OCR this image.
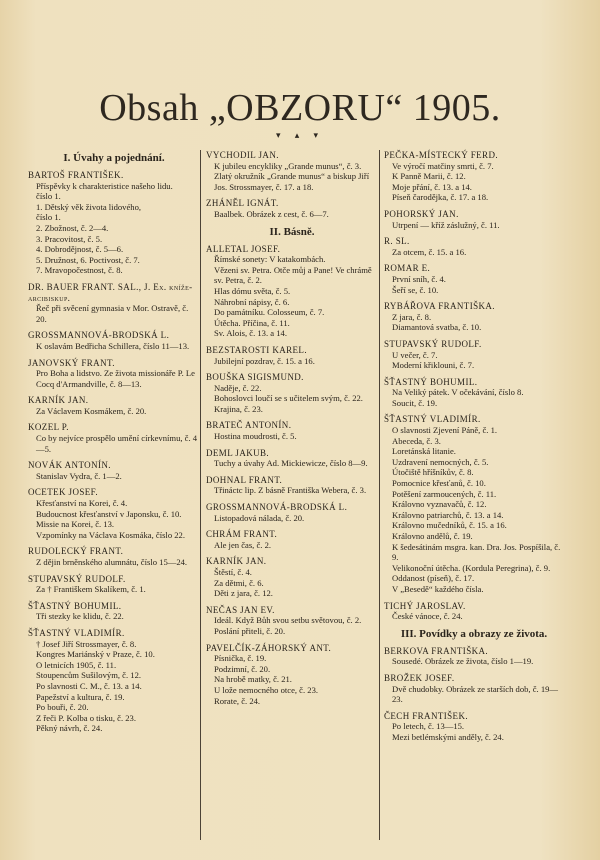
Obsah „OBZORU“ 1905.
▾ ▴ ▾
I. Úvahy a pojednání.
BARTOŠ FRANTIŠEK.
Příspěvky k charakteristice našeho lidu.
číslo 1.
1. Dětský věk života lidového,
číslo 1.
2. Zbožnost, č. 2—4.
3. Pracovitost, č. 5.
4. Dobrodějnost, č. 5—6.
5. Družnost, 6. Poctivost, č. 7.
7. Mravopočestnost, č. 8.
DR. BAUER FRANT. SAL., J. Ex. kníže-arcibiskup.
Řeč při svěcení gymnasia v Mor. Ostravě, č. 20.
GROSSMANNOVÁ-BRODSKÁ L.
K oslavám Bedřicha Schillera, číslo 11—13.
JANOVSKÝ FRANT.
Pro Boha a lidstvo. Ze života missionáře P. Le Cocq d'Armandville, č. 8—13.
KARNÍK JAN.
Za Václavem Kosmákem, č. 20.
KOZEL P.
Co by nejvíce prospělo umění církevnímu, č. 4—5.
NOVÁK ANTONÍN.
Stanislav Vydra, č. 1—2.
OCETEK JOSEF.
Křesťanství na Korei, č. 4.
Budoucnost křesťanství v Japonsku, č. 10.
Missie na Korei, č. 13.
Vzpomínky na Václava Kosmáka, číslo 22.
RUDOLECKÝ FRANT.
Z dějin brněnského alumnátu, číslo 15—24.
STUPAVSKÝ RUDOLF.
Za † Františkem Skalíkem, č. 1.
ŠŤASTNÝ BOHUMIL.
Tři stezky ke klidu, č. 22.
ŠŤASTNÝ VLADIMÍR.
† Josef Jiří Strossmayer, č. 8.
Kongres Mariánský v Praze, č. 10.
O letnicích 1905, č. 11.
Stoupencům Sušilovým, č. 12.
Po slavnosti C. M., č. 13. a 14.
Papežství a kultura, č. 19.
Po bouři, č. 20.
Z řeči P. Kolba o tisku, č. 23.
Pěkný návrh, č. 24.
VYCHODIL JAN.
K jubileu encykliky „Grande munus“, č. 3.
Zlatý okružník „Grande munus“ a biskup Jiří Jos. Strossmayer, č. 17. a 18.
ZHÁNĚL IGNÁT.
Baalbek. Obrázek z cest, č. 6—7.
II. Básně.
ALLETAL JOSEF.
Římské sonety: V katakombách.
Vězeni sv. Petra. Otče můj a Pane! Ve chrámě sv. Petra, č. 2.
Hlas dómu světa, č. 5.
Náhrobní nápisy, č. 6.
Do památníku. Colosseum, č. 7.
Útěcha. Příčina, č. 11.
Sv. Alois, č. 13. a 14.
BEZSTAROSTI KAREL.
Jubilejní pozdrav, č. 15. a 16.
BOUŠKA SIGISMUND.
Naděje, č. 22.
Bohoslovci loučí se s učitelem svým, č. 22.
Krajina, č. 23.
BRATEČ ANTONÍN.
Hostina moudrosti, č. 5.
DEML JAKUB.
Tuchy a úvahy Ad. Mickiewicze, číslo 8—9.
DOHNAL FRANT.
Třináctc lip. Z básně Františka Webera, č. 3.
GROSSMANNOVÁ-BRODSKÁ L.
Listopadová nálada, č. 20.
CHRÁM FRANT.
Ale jen čas, č. 2.
KARNÍK JAN.
Štěstí, č. 4.
Za dětmi, č. 6.
Děti z jara, č. 12.
NEČAS JAN EV.
Ideál. Když Bůh svou setbu světovou, č. 2.
Poslání přiteli, č. 20.
PAVELČÍK-ZÁHORSKÝ ANT.
Písnička, č. 19.
Podzimní, č. 20.
Na hrobě matky, č. 21.
U lože nemocného otce, č. 23.
Rorate, č. 24.
PEČKA-MÍSTECKÝ FERD.
Ve výročí matčiny smrti, č. 7.
K Panně Marii, č. 12.
Moje přání, č. 13. a 14.
Píseň čarodějka, č. 17. a 18.
POHORSKÝ JAN.
Utrpení — kříž záslužný, č. 11.
R. SL.
Za otcem, č. 15. a 16.
ROMAR E.
První sníh, č. 4.
Šeří se, č. 10.
RYBÁŘOVA FRANTIŠKA.
Z jara, č. 8.
Diamantová svatba, č. 10.
STUPAVSKÝ RUDOLF.
U večer, č. 7.
Moderní křiklouni, č. 7.
ŠŤASTNÝ BOHUMIL.
Na Veliký pátek. V očekávání, číslo 8.
Soucit, č. 19.
ŠŤASTNÝ VLADIMÍR.
O slavnosti Zjevení Páně, č. 1.
Abeceda, č. 3.
Loretánská litanie.
Uzdravení nemocných, č. 5.
Útočiště hříšníkův, č. 8.
Pomocnice křesťanů, č. 10.
Potěšení zarmoucených, č. 11.
Královno vyznavačů, č. 12.
Královno patriarchů, č. 13. a 14.
Královno mučedníků, č. 15. a 16.
Královno andělů, č. 19.
K šedesátinám msgra. kan. Dra. Jos. Pospíšila, č. 9.
Velikonoční útěcha. (Kordula Peregrina), č. 9.
Oddanost (píseň), č. 17.
V „Besedě“ každého čísla.
TICHÝ JAROSLAV.
České vánoce, č. 24.
III. Povídky a obrazy ze života.
BERKOVA FRANTIŠKA.
Sousedé. Obrázek ze života, číslo 1—19.
BROŽEK JOSEF.
Dvě chudobky. Obrázek ze starších dob, č. 19—23.
ČECH FRANTIŠEK.
Po letech, č. 13—15.
Mezi betlémskými anděly, č. 24.
